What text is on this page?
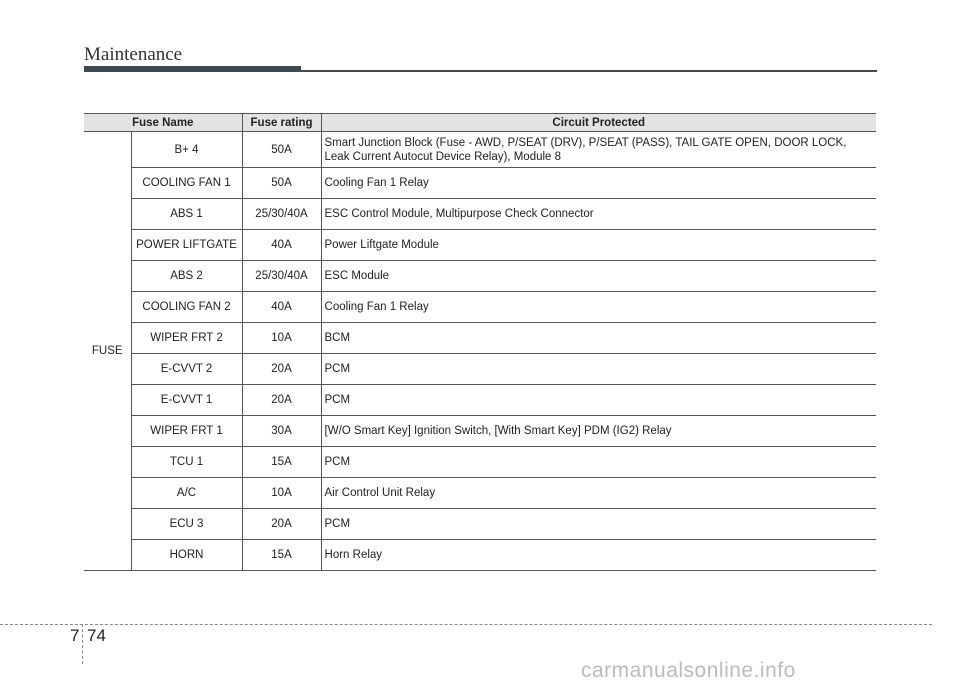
Maintenance
Fuse Name		Fuse rating	Circuit Protected
FUSE	B+ 4	50A	Smart Junction Block (Fuse - AWD, P/SEAT (DRV), P/SEAT (PASS), TAIL GATE OPEN, DOOR LOCK, Leak Current Autocut Device Relay), Module 8
	COOLING FAN 1	50A	Cooling Fan 1 Relay
	ABS 1	25/30/40A	ESC Control Module, Multipurpose Check Connector
	POWER LIFTGATE	40A	Power Liftgate Module
	ABS 2	25/30/40A	ESC Module
	COOLING FAN 2	40A	Cooling Fan 1 Relay
	WIPER FRT 2	10A	BCM
	E-CVVT 2	20A	PCM
	E-CVVT 1	20A	PCM
	WIPER FRT 1	30A	[W/O Smart Key] Ignition Switch, [With Smart Key] PDM (IG2) Relay
	TCU 1	15A	PCM
	A/C	10A	Air Control Unit Relay
	ECU 3	20A	PCM
	HORN	15A	Horn Relay
7 74
carmanualsonline.info
